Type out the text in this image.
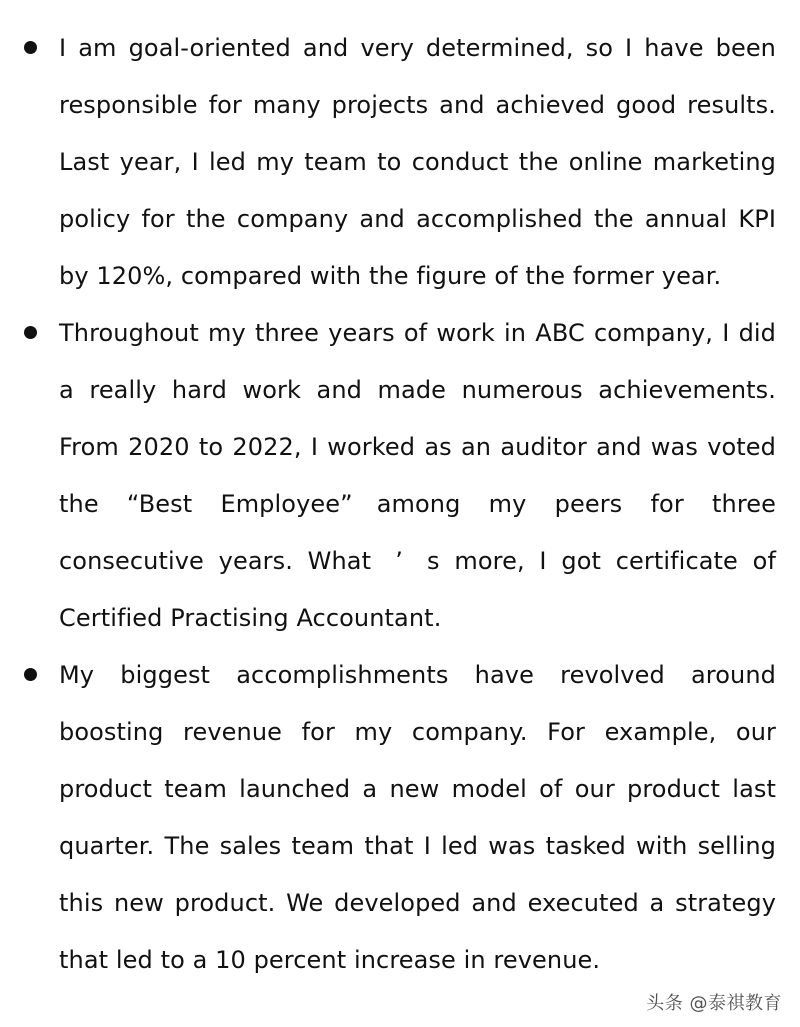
I am goal-oriented and very determined, so I have been responsible for many projects and achieved good results. Last year, I led my team to conduct the online marketing policy for the company and accomplished the annual KPI by 120%, compared with the figure of the former year.

Throughout my three years of work in ABC company, I did a really hard work and made numerous achievements. From 2020 to 2022, I worked as an auditor and was voted the “Best Employee” among my peers for three consecutive years. What ’ s more, I got certificate of Certified Practising Accountant.

My biggest accomplishments have revolved around boosting revenue for my company. For example, our product team launched a new model of our product last quarter. The sales team that I led was tasked with selling this new product. We developed and executed a strategy that led to a 10 percent increase in revenue.

头条 @泰祺教育
